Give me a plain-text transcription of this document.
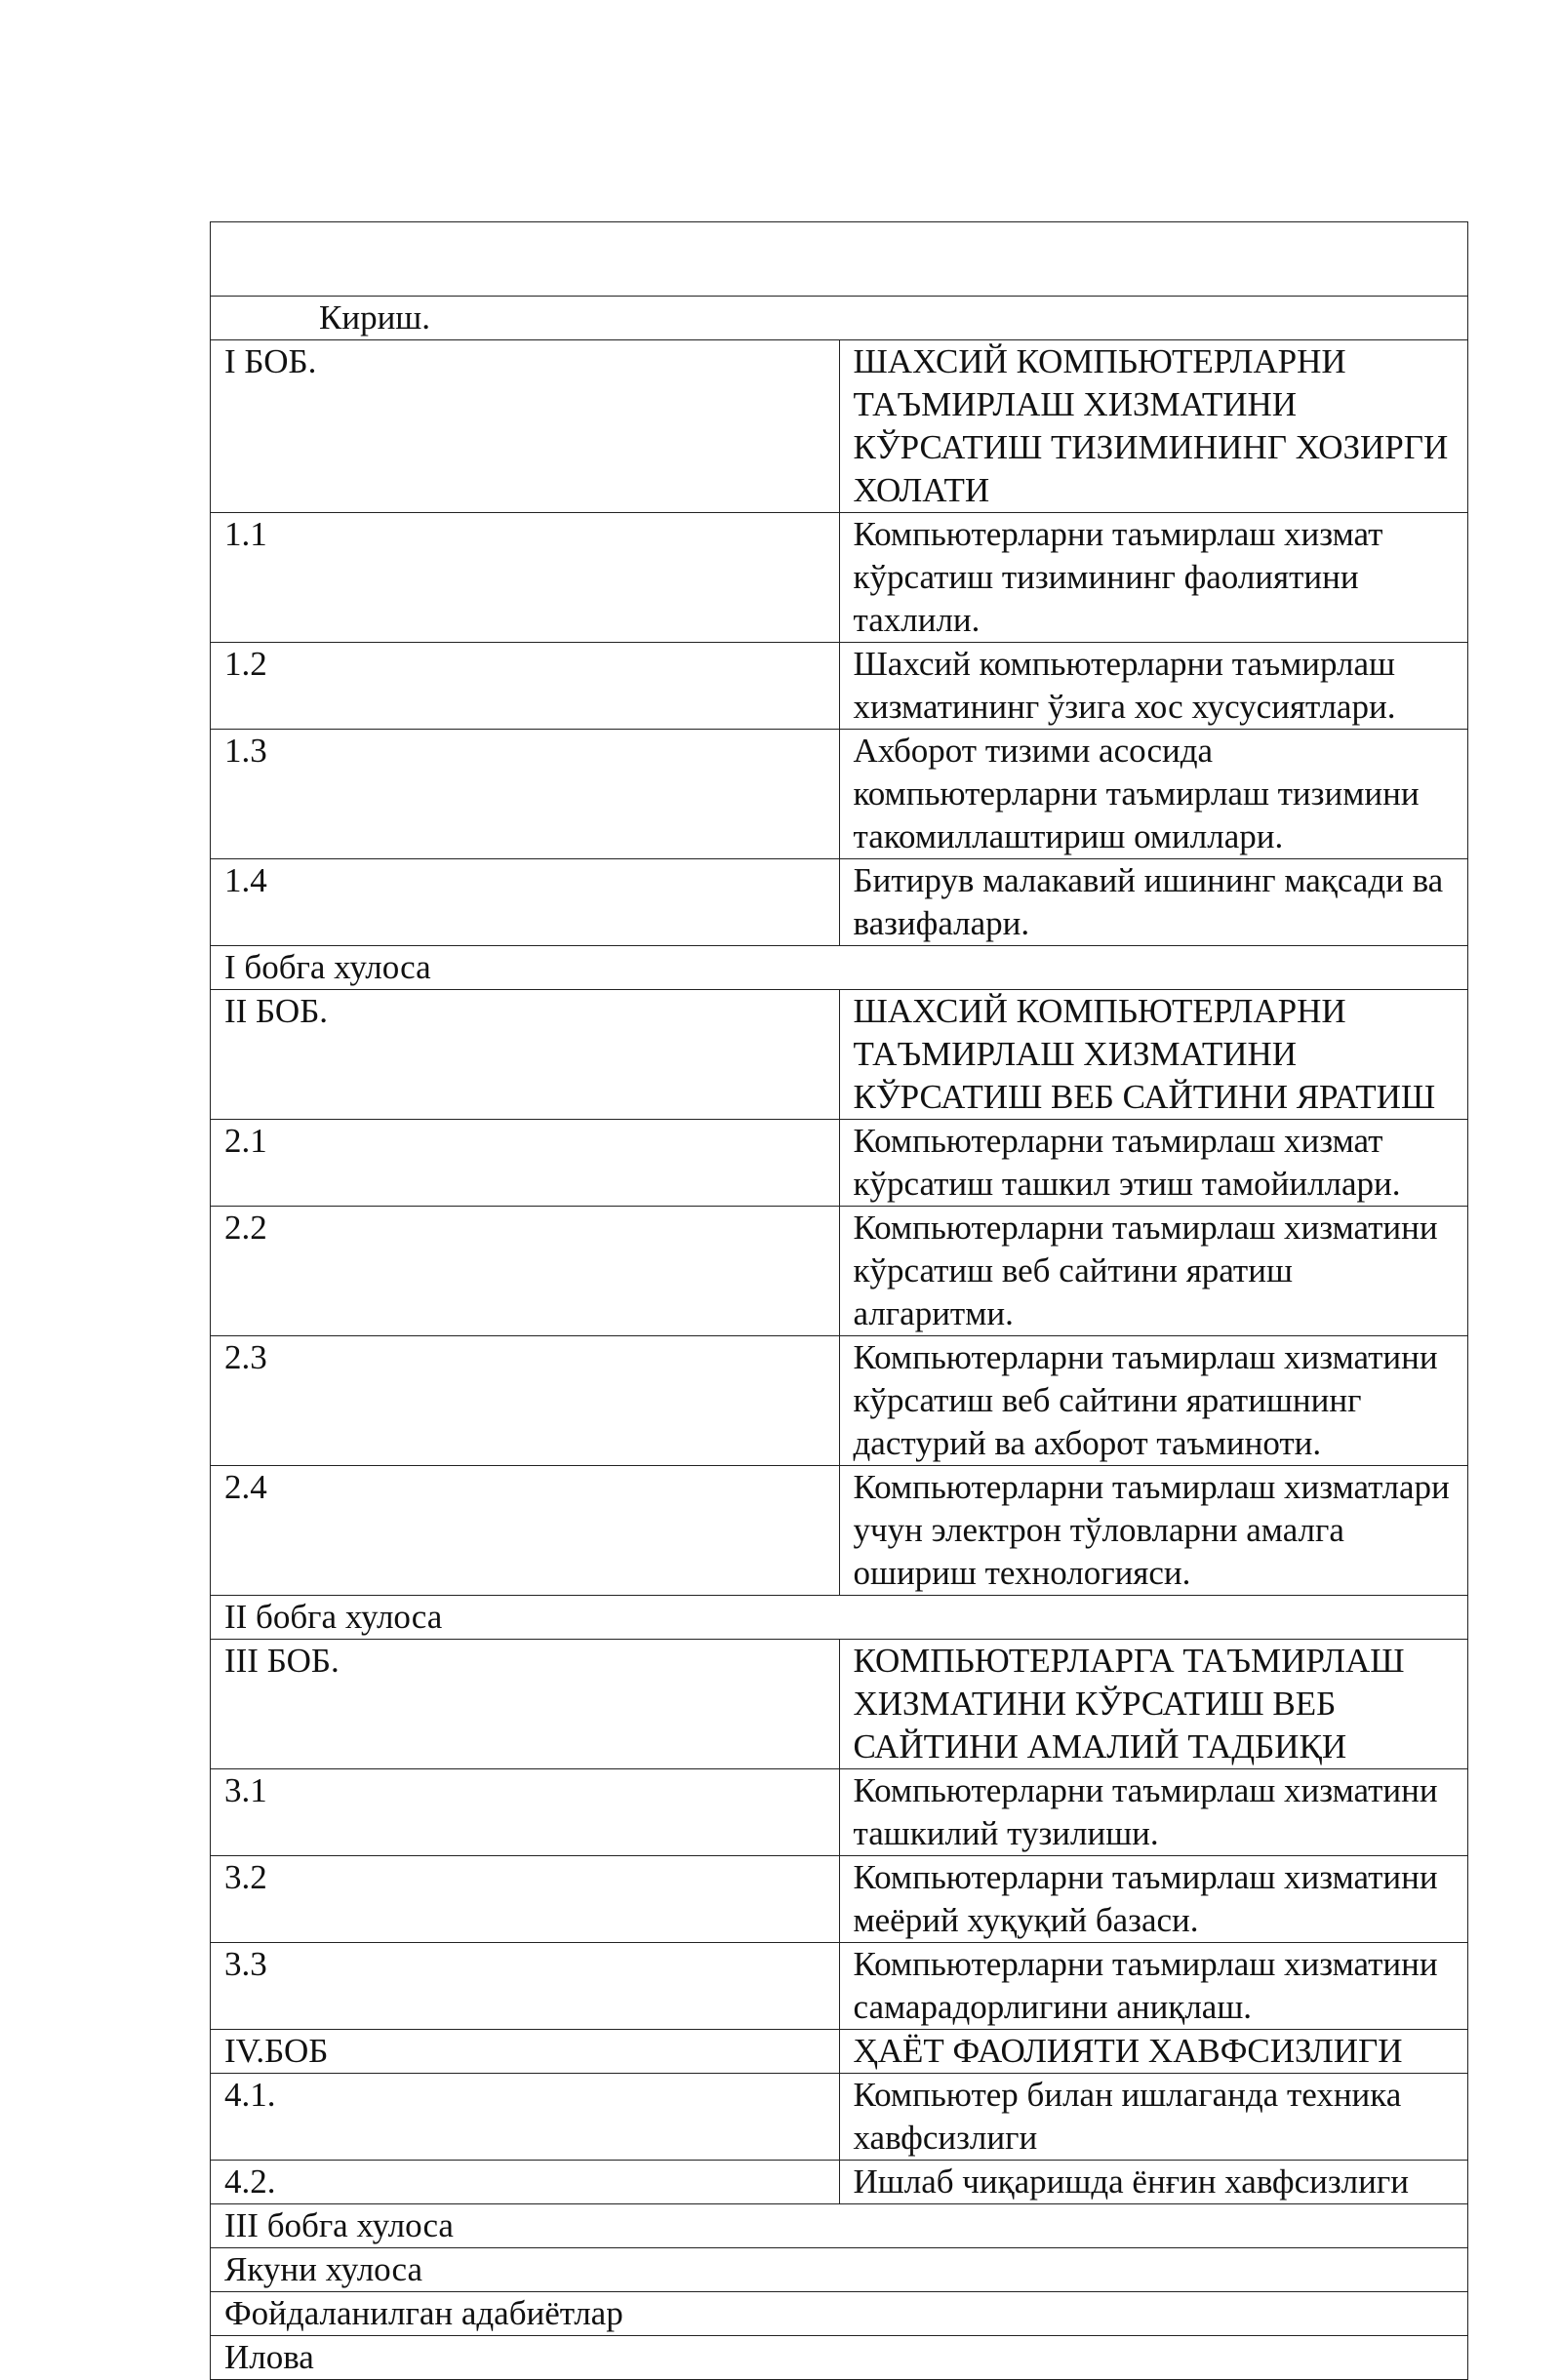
Кириш.	
I БОБ.	ШАХСИЙ КОМПЬЮТЕРЛАРНИ ТАЪМИРЛАШ ХИЗМАТИНИ КЎРСАТИШ ТИЗИМИНИНГ ХОЗИРГИ ХОЛАТИ
1.1	Компьютерларни таъмирлаш хизмат кўрсатиш тизимининг фаолиятини тахлили.
1.2	Шахсий компьютерларни таъмирлаш хизматининг ўзига хос хусусиятлари.
1.3	Ахборот тизими асосида компьютерларни таъмирлаш тизимини такомиллаштириш омиллари.
1.4	Битирув малакавий ишининг мақсади ва вазифалари.
I бобга хулоса	
II БОБ.	ШАХСИЙ КОМПЬЮТЕРЛАРНИ ТАЪМИРЛАШ ХИЗМАТИНИ КЎРСАТИШ ВЕБ САЙТИНИ ЯРАТИШ
2.1	Компьютерларни таъмирлаш хизмат кўрсатиш ташкил этиш тамойиллари.
2.2	Компьютерларни таъмирлаш хизматини кўрсатиш веб сайтини яратиш алгаритми.
2.3	Компьютерларни таъмирлаш хизматини кўрсатиш веб сайтини яратишнинг дастурий ва ахборот таъминоти.
2.4	Компьютерларни таъмирлаш хизматлари учун электрон тўловларни амалга ошириш технологияси.
II бобга хулоса	
III БОБ.	КОМПЬЮТЕРЛАРГА ТАЪМИРЛАШ ХИЗМАТИНИ КЎРСАТИШ ВЕБ САЙТИНИ АМАЛИЙ ТАДБИҚИ
3.1	Компьютерларни таъмирлаш хизматини ташкилий тузилиши.
3.2	Компьютерларни таъмирлаш хизматини меёрий хуқуқий базаси.
3.3	Компьютерларни таъмирлаш хизматини самарадорлигини аниқлаш.
IV.БОБ	ҲАЁТ ФАОЛИЯТИ ХАВФСИЗЛИГИ
4.1.	Компьютер билан ишлаганда техника хавфсизлиги
4.2.	Ишлаб чиқаришда ёнғин хавфсизлиги
III бобга хулоса	
Якуни хулоса	
Фойдаланилган адабиётлар	
Илова	
